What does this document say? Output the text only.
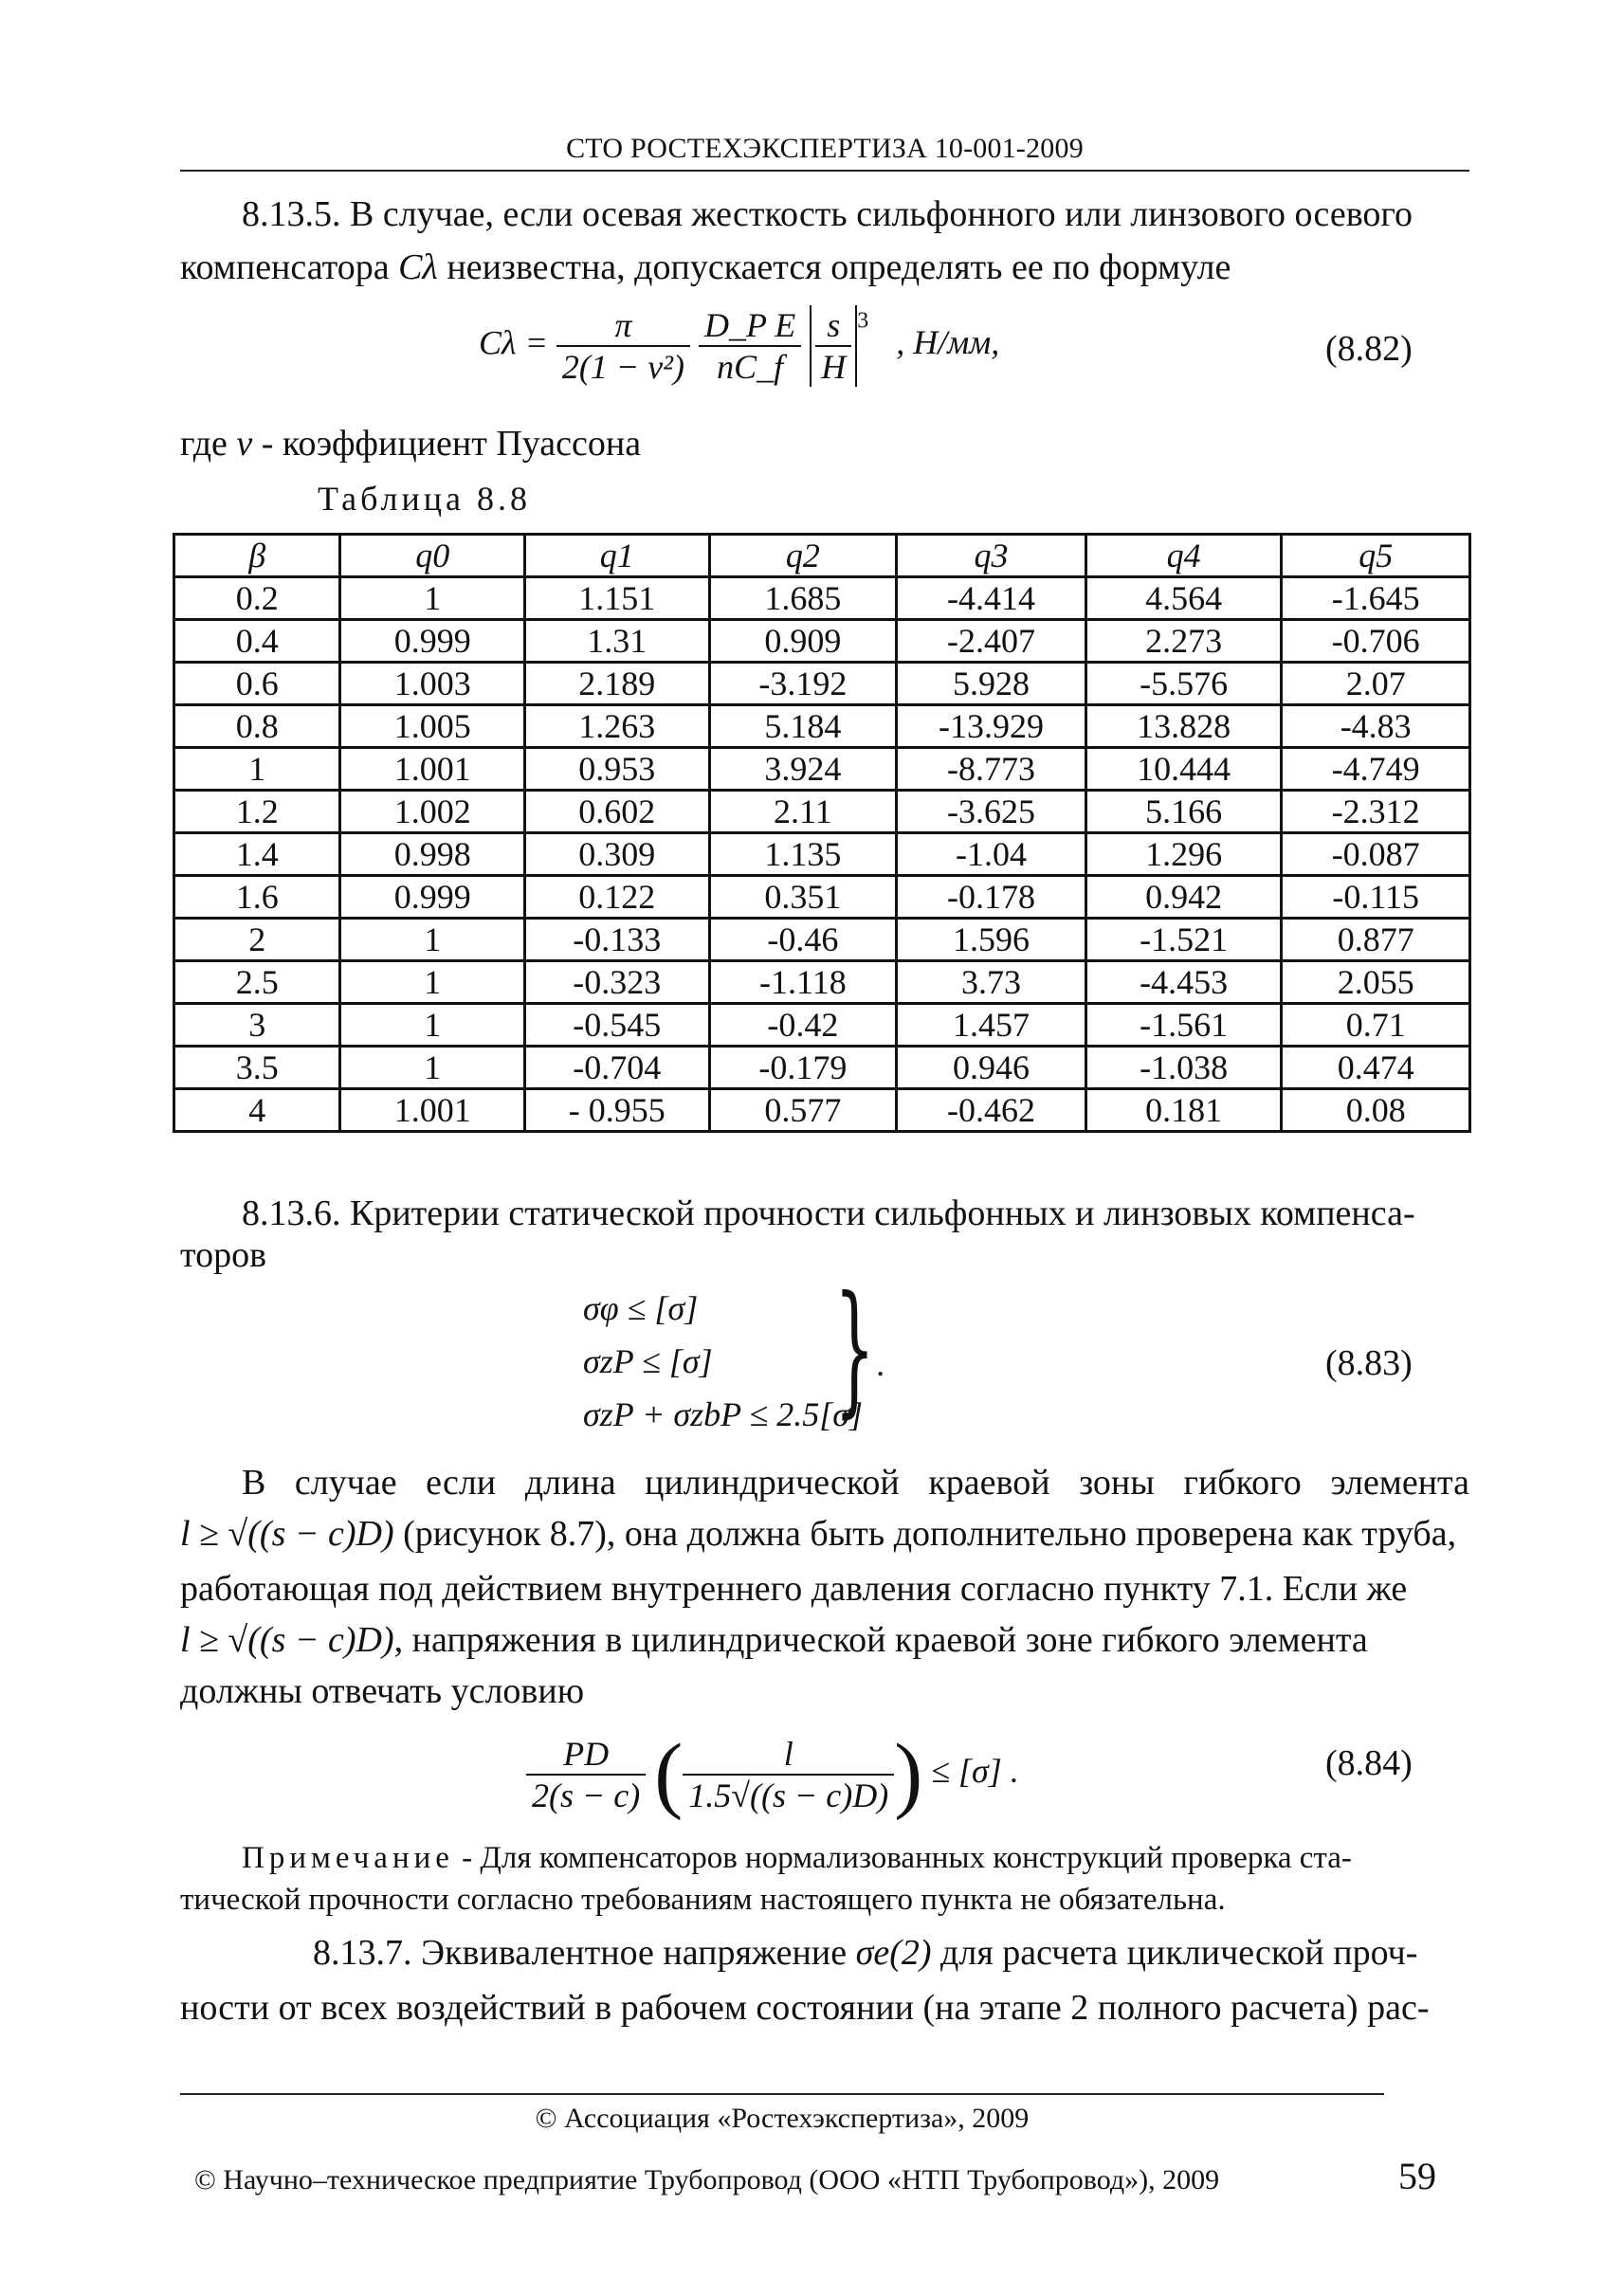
СТО РОСТЕХЭКСПЕРТИЗА 10-001-2009
8.13.5. В случае, если осевая жесткость сильфонного или линзового осевого
компенсатора Cλ неизвестна, допускается определять ее по формуле
$C\lambda = \frac{\pi}{\text{2(1 − ν²)}}$
$\frac{\text{D\_P E}}{nC\_f}$
$\frac{s}{H} ^3$ , Н/мм,	(8.82)
где ν - коэффициент Пуассона
Таблица 8.8
β	q0	q1	q2	q3	q4	q5
0.2	1	1.151	1.685	-4.414	4.564	-1.645
0.4	0.999	1.31	0.909	-2.407	2.273	-0.706
0.6	1.003	2.189	-3.192	5.928	-5.576	2.07
0.8	1.005	1.263	5.184	-13.929	13.828	-4.83
1	1.001	0.953	3.924	-8.773	10.444	-4.749
1.2	1.002	0.602	2.11	-3.625	5.166	-2.312
1.4	0.998	0.309	1.135	-1.04	1.296	-0.087
1.6	0.999	0.122	0.351	-0.178	0.942	-0.115
2	1	-0.133	-0.46	1.596	-1.521	0.877
2.5	1	-0.323	-1.118	3.73	-4.453	2.055
3	1	-0.545	-0.42	1.457	-1.561	0.71
3.5	1	-0.704	-0.179	0.946	-1.038	0.474
4	1.001	- 0.955	0.577	-0.462	0.181	0.08
8.13.6. Критерии статической прочности сильфонных и линзовых компенса-
торов
σφ ≤ [σ]
σzP ≤ [σ]
σzP + σzbP ≤ 2.5[σ]
} .	(8.83)
В случае если длина цилиндрической краевой зоны гибкого элемента
l ≥ √((s − c)D) (рисунок 8.7), она должна быть дополнительно проверена как труба,
работающая под действием внутреннего давления согласно пункту 7.1. Если же
l ≥ √((s − c)D), напряжения в цилиндрической краевой зоне гибкого элемента
должны отвечать условию
$\frac{PD}{2(s - c)}$ ( $\frac{l}{1.5√((s - c)D)}$ ) ≤ [σ] .	(8.84)
Примечание - Для компенсаторов нормализованных конструкций проверка ста-
тической прочности согласно требованиям настоящего пункта не обязательна.
8.13.7. Эквивалентное напряжение σe(2) для расчета циклической проч-
ности от всех воздействий в рабочем состоянии (на этапе 2 полного расчета) рас-
© Ассоциация «Ростехэкспертиза», 2009
© Научно–техническое предприятие Трубопровод (ООО «НТП Трубопровод»), 2009	59
